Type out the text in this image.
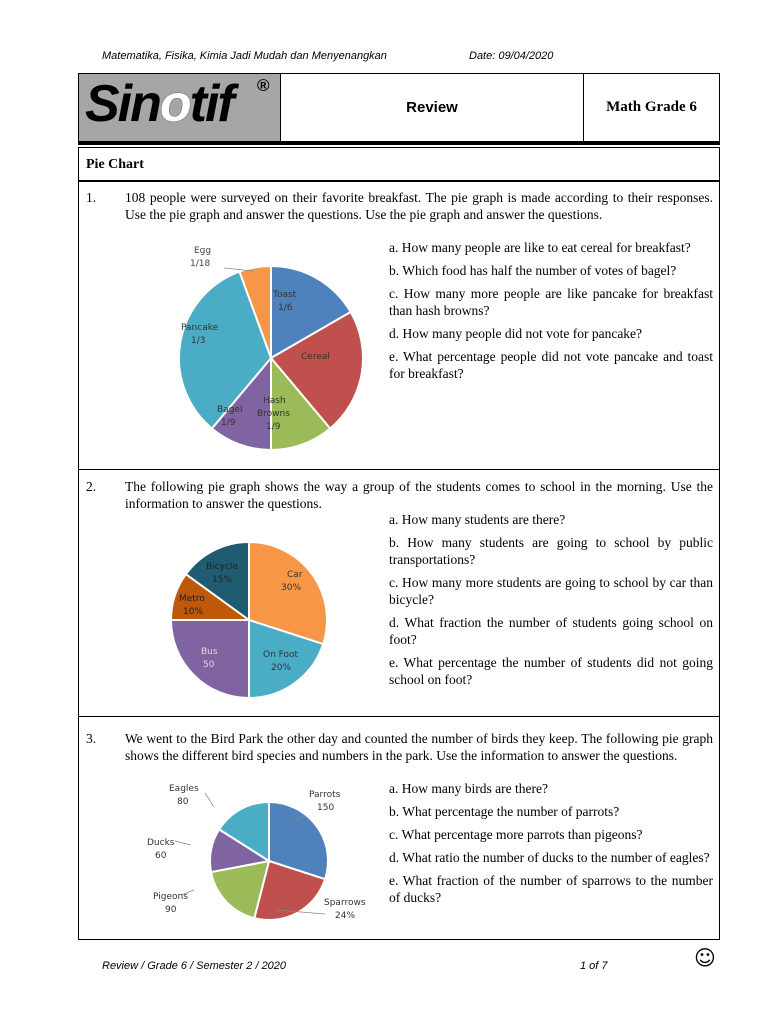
Matematika, Fisika, Kimia Jadi Mudah dan Menyenangkan	Date: 09/04/2020
Sinotif ®
Review	Math Grade 6
Pie Chart
1. 108 people were surveyed on their favorite breakfast. The pie graph is made according to their responses. Use the pie graph and answer the questions. Use the pie graph and answer the questions.
a. How many people are like to eat cereal for breakfast?
b. Which food has half the number of votes of bagel?
c. How many more people are like pancake for breakfast than hash browns?
d. How many people did not vote for pancake?
e. What percentage people did not vote pancake and toast for breakfast?
Egg
1/18
Toast
1/6
Cereal
Hash
Browns
1/9
Bagel
1/9
Pancake
1/3
2. The following pie graph shows the way a group of the students comes to school in the morning. Use the information to answer the questions.
a. How many students are there?
b. How many students are going to school by public transportations?
c. How many more students are going to school by car than bicycle?
d. What fraction the number of students going school on foot?
e. What percentage the number of students did not going school on foot?
Car
30%
On Foot
20%
Bus
50
Metro
10%
Bicycle
15%
3. We went to the Bird Park the other day and counted the number of birds they keep. The following pie graph shows the different bird species and numbers in the park. Use the information to answer the questions.
a. How many birds are there?
b. What percentage the number of parrots?
c. What percentage more parrots than pigeons?
d. What ratio the number of ducks to the number of eagles?
e. What fraction of the number of sparrows to the number of ducks?
Parrots
150
Sparrows
24%
Pigeons
90
Ducks
60
Eagles
80
Review / Grade 6 / Semester 2 / 2020	1 of 7	☺
